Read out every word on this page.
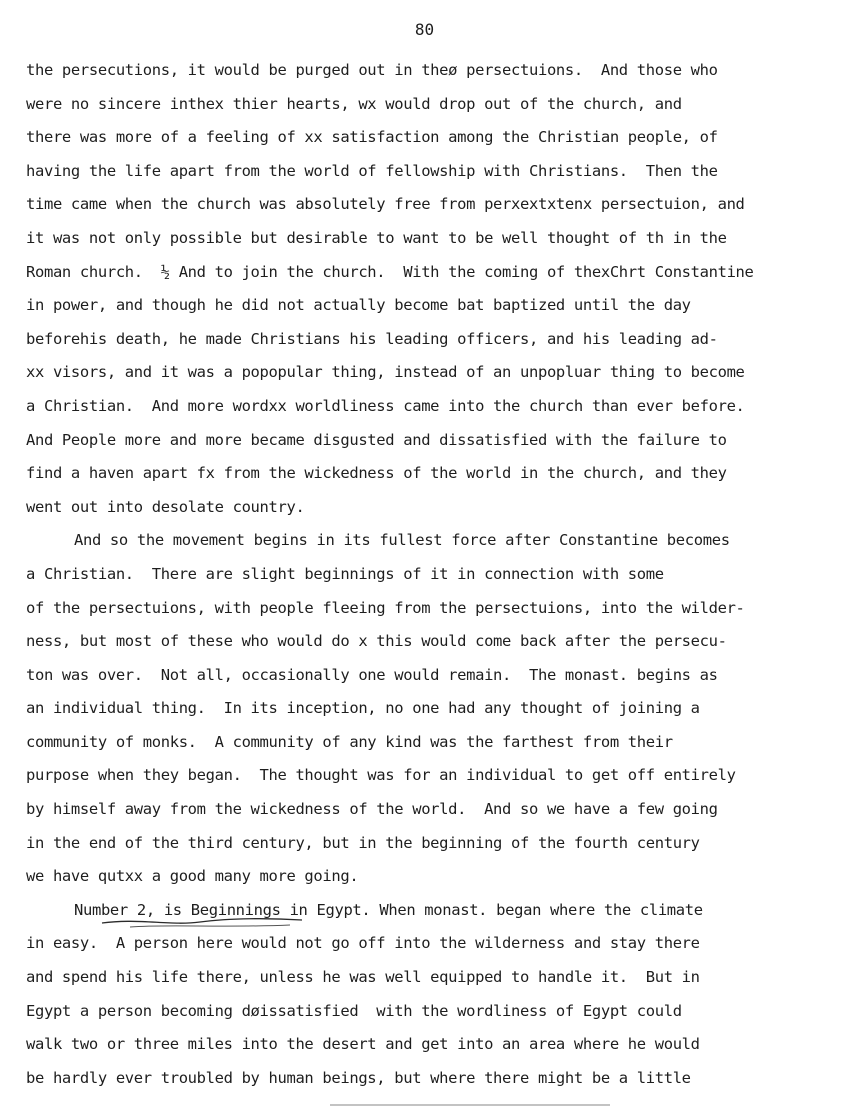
80
the persecutions, it would be purged out in theø persectuions.  And those who
were no sincere inthex thier hearts, wx would drop out of the church, and
there was more of a feeling of xx satisfaction among the Christian people, of
having the life apart from the world of fellowship with Christians.  Then the
time came when the church was absolutely free from perxextxtenx persectuion, and
it was not only possiblе but desirable to want to be well thought of th in the
Roman church.  ½ And to join the church.  With the coming of thexChrt Constantine
in power, and though he did not actually become bat baptized until the day
beforehis death, he made Christians his leading officers, and his leading ad-
xx visors, and it was a popopular thing, instead of an unpopluar thing to become
a Christian.  And more wordxx worldliness came into the church than ever before.
And People more and more became disgusted and dissatisfied with the failure to
find a haven apart fx from the wickedness of the world in the church, and they
went out into desolate country.
And so the movement begins in its fullest force after Constantine becomes
a Christian.  There are slight beginnings of it in connection with some
of the persectuions, with people fleeing from the persectuions, into the wilder-
ness, but most of these who would do x this would come back after the persecu-
ton was over.  Not all, occasionally one would remain.  The monast. begins as
an individual thing.  In its inception, no one had any thought of joining a
community of monks.  A community of any kind was the farthest from their
purpose when they began.  The thought was for an individual to get off entirely
by himself away from the wickedness of the world.  And so we have a few going
in the end of the third century, but in the beginning of the fourth century
we have qutxx a good many more going.
Number 2, is Beginnings in Egypt. When monast. began where the climate
in easy.  A person here would not go off into the wilderness and stay there
and spend his life there, unless he was well equipped to handle it.  But in
Egypt a person becoming døissatisfied  with the wordliness of Egypt could
walk two or three miles into the desert and get into an area where he would
be hardly ever troubled by human beings, but where there might be a little
